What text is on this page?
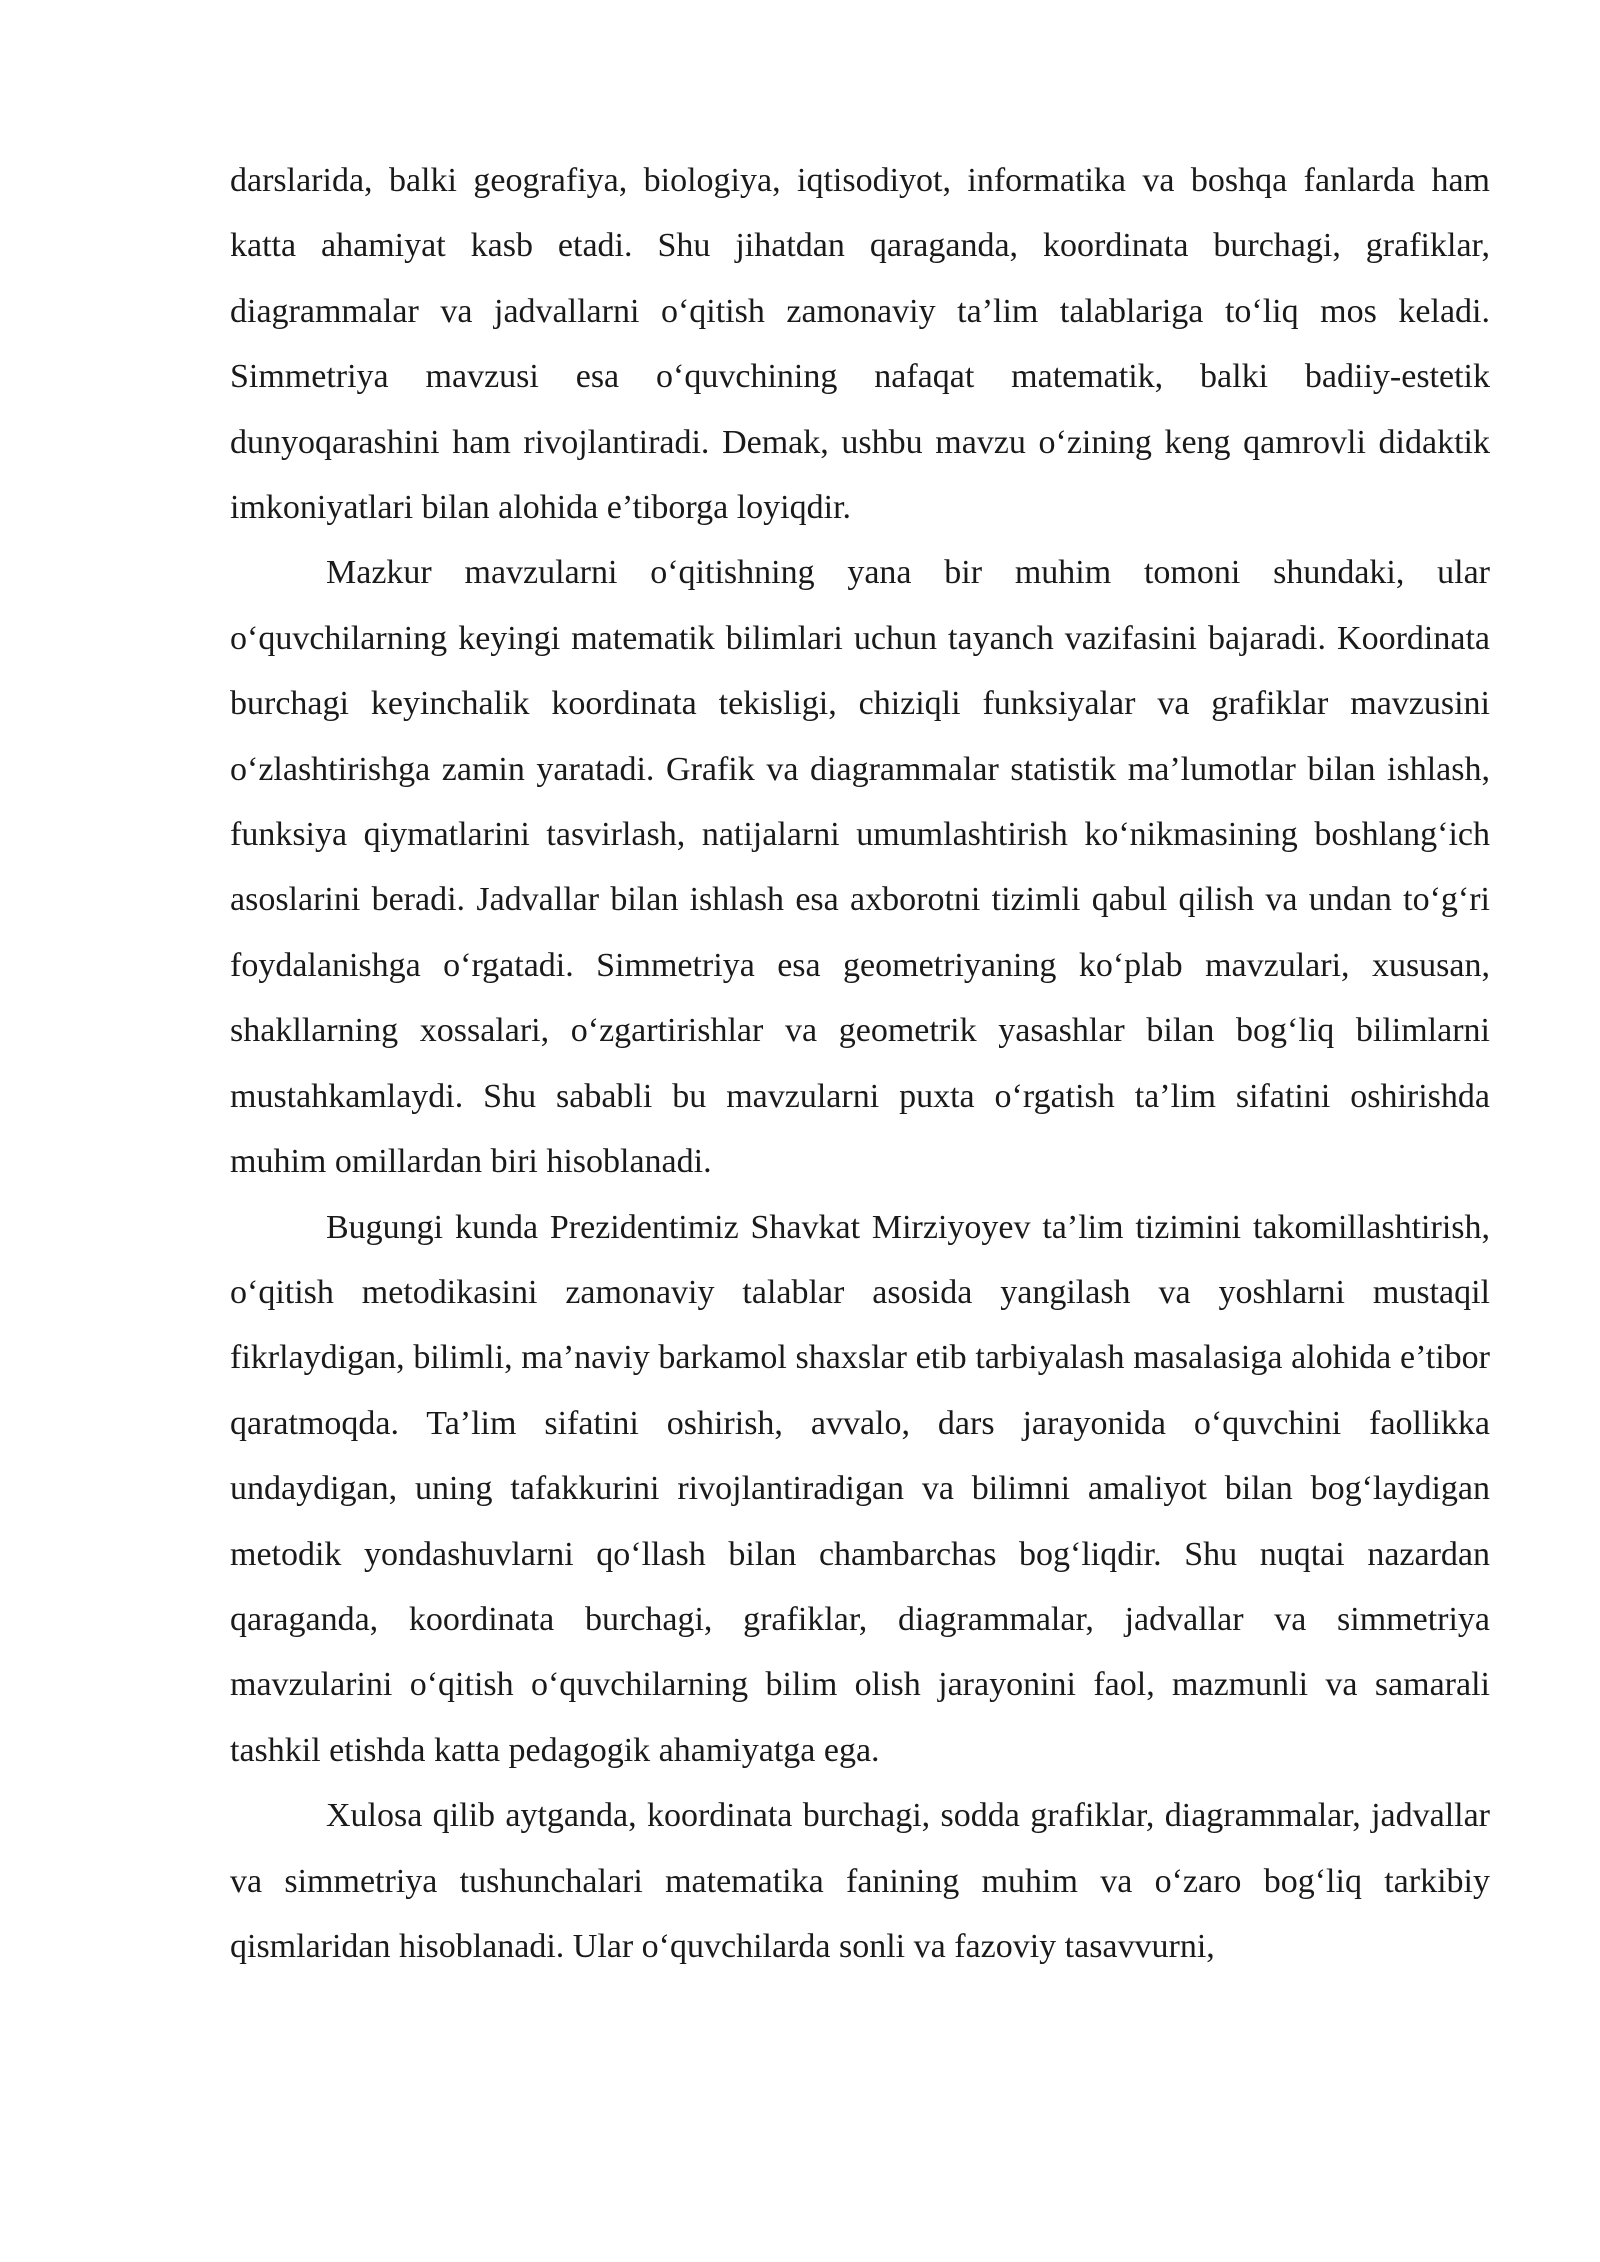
darslarida, balki geografiya, biologiya, iqtisodiyot, informatika va boshqa fanlarda ham katta ahamiyat kasb etadi. Shu jihatdan qaraganda, koordinata burchagi, grafiklar, diagrammalar va jadvallarni o‘qitish zamonaviy ta’lim talablariga to‘liq mos keladi. Simmetriya mavzusi esa o‘quvchining nafaqat matematik, balki badiiy-estetik dunyoqarashini ham rivojlantiradi. Demak, ushbu mavzu o‘zining keng qamrovli didaktik imkoniyatlari bilan alohida e’tiborga loyiqdir.

Mazkur mavzularni o‘qitishning yana bir muhim tomoni shundaki, ular o‘quvchilarning keyingi matematik bilimlari uchun tayanch vazifasini bajaradi. Koordinata burchagi keyinchalik koordinata tekisligi, chiziqli funksiyalar va grafiklar mavzusini o‘zlashtirishga zamin yaratadi. Grafik va diagrammalar statistik ma’lumotlar bilan ishlash, funksiya qiymatlarini tasvirlash, natijalarni umumlashtirish ko‘nikmasining boshlang‘ich asoslarini beradi. Jadvallar bilan ishlash esa axborotni tizimli qabul qilish va undan to‘g‘ri foydalanishga o‘rgatadi. Simmetriya esa geometriyaning ko‘plab mavzulari, xususan, shakllarning xossalari, o‘zgartirishlar va geometrik yasashlar bilan bog‘liq bilimlarni mustahkamlaydi. Shu sababli bu mavzularni puxta o‘rgatish ta’lim sifatini oshirishda muhim omillardan biri hisoblanadi.

Bugungi kunda Prezidentimiz Shavkat Mirziyoyev ta’lim tizimini takomillashtirish, o‘qitish metodikasini zamonaviy talablar asosida yangilash va yoshlarni mustaqil fikrlaydigan, bilimli, ma’naviy barkamol shaxslar etib tarbiyalash masalasiga alohida e’tibor qaratmoqda. Ta’lim sifatini oshirish, avvalo, dars jarayonida o‘quvchini faollikka undaydigan, uning tafakkurini rivojlantiradigan va bilimni amaliyot bilan bog‘laydigan metodik yondashuvlarni qo‘llash bilan chambarchas bog‘liqdir. Shu nuqtai nazardan qaraganda, koordinata burchagi, grafiklar, diagrammalar, jadvallar va simmetriya mavzularini o‘qitish o‘quvchilarning bilim olish jarayonini faol, mazmunli va samarali tashkil etishda katta pedagogik ahamiyatga ega.

Xulosa qilib aytganda, koordinata burchagi, sodda grafiklar, diagrammalar, jadvallar va simmetriya tushunchalari matematika fanining muhim va o‘zaro bog‘liq tarkibiy qismlaridan hisoblanadi. Ular o‘quvchilarda sonli va fazoviy tasavvurni,
